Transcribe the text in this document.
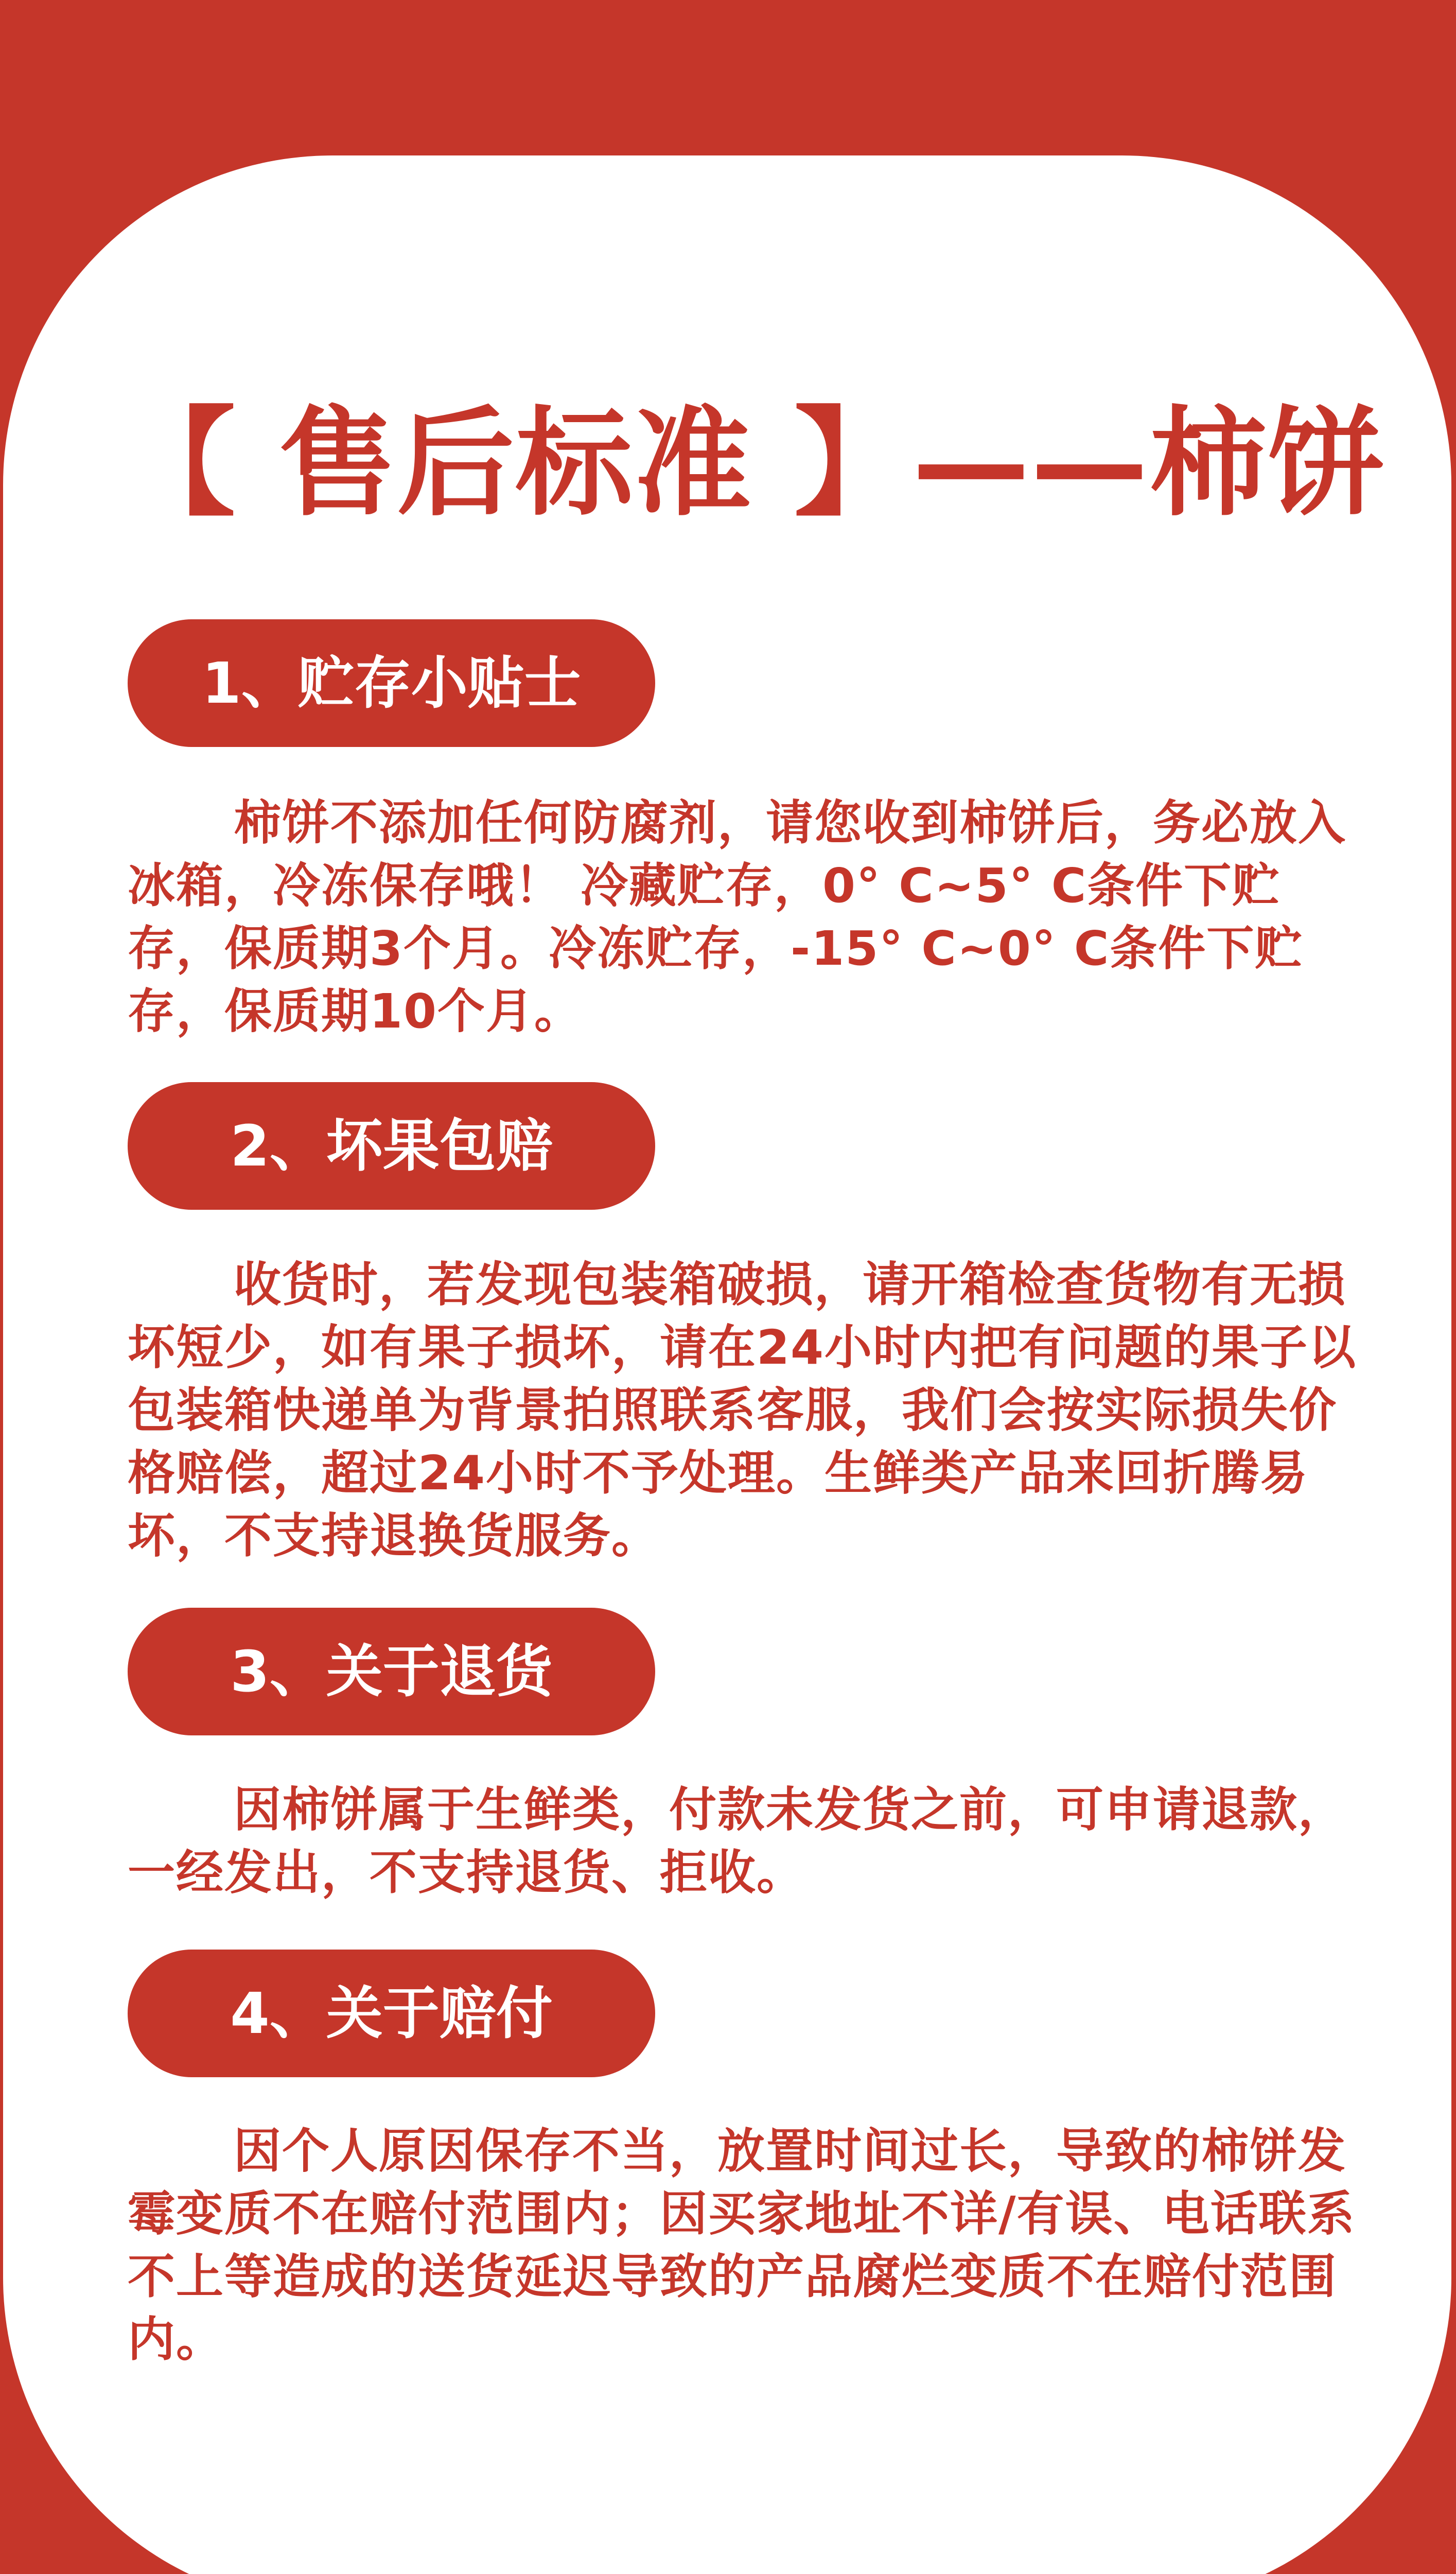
【 售后标准 】——柿饼
1、贮存小贴士

柿饼不添加任何防腐剂，请您收到柿饼后，务必放入冰箱，冷冻保存哦！ 冷藏贮存，0° C~5° C条件下贮存，保质期3个月。冷冻贮存，-15° C~0° C条件下贮存，保质期10个月。

2、坏果包赔

收货时，若发现包装箱破损，请开箱检查货物有无损坏短少，如有果子损坏，请在24小时内把有问题的果子以包装箱快递单为背景拍照联系客服，我们会按实际损失价格赔偿，超过24小时不予处理。生鲜类产品来回折腾易坏，不支持退换货服务。

3、关于退货

因柿饼属于生鲜类，付款未发货之前，可申请退款，一经发出，不支持退货、拒收。

4、关于赔付

因个人原因保存不当，放置时间过长，导致的柿饼发霉变质不在赔付范围内；因买家地址不详/有误、电话联系不上等造成的送货延迟导致的产品腐烂变质不在赔付范围内。
